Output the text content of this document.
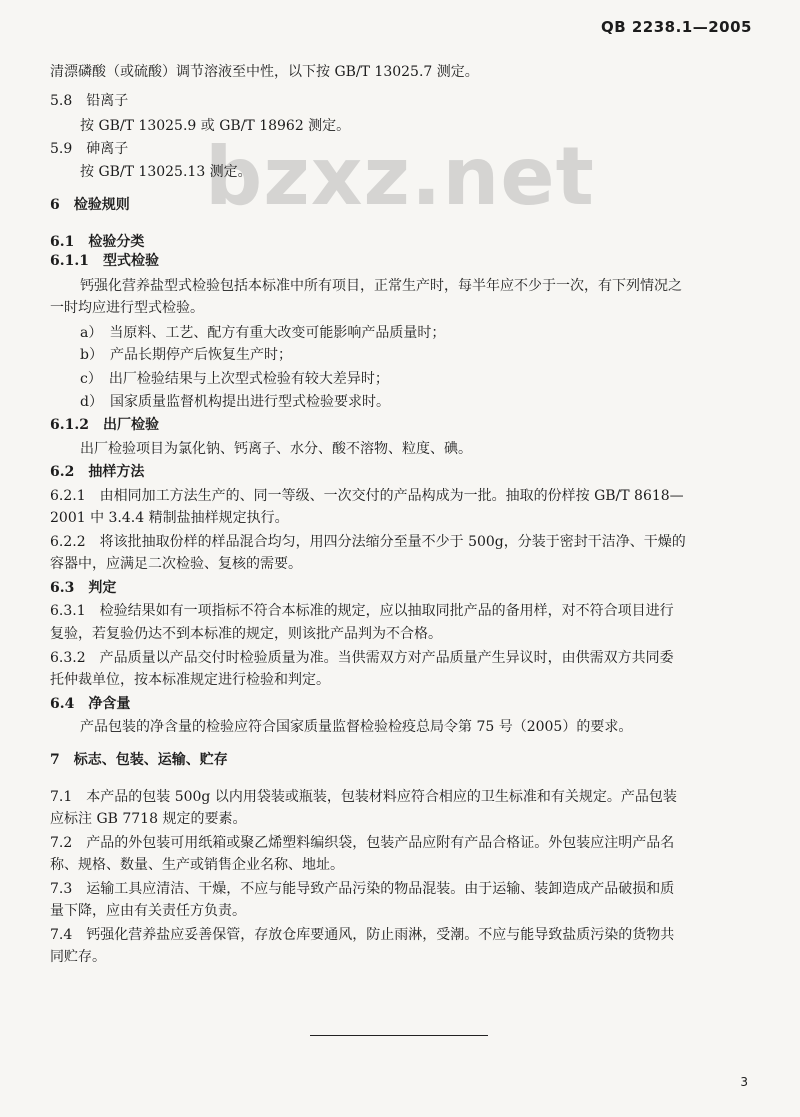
QB 2238.1—2005
bzxz.net
清漂磷酸（或硫酸）调节溶液至中性，以下按 GB/T 13025.7 测定。
5.8　铅离子
按 GB/T 13025.9 或 GB/T 18962 测定。
5.9　砷离子
按 GB/T 13025.13 测定。
6　检验规则
6.1　检验分类
6.1.1　型式检验
钙强化营养盐型式检验包括本标准中所有项目，正常生产时，每半年应不少于一次，有下列情况之
一时均应进行型式检验。
a）　当原料、工艺、配方有重大改变可能影响产品质量时；
b）　产品长期停产后恢复生产时；
c）　出厂检验结果与上次型式检验有较大差异时；
d）　国家质量监督机构提出进行型式检验要求时。
6.1.2　出厂检验
出厂检验项目为氯化钠、钙离子、水分、酸不溶物、粒度、碘。
6.2　抽样方法
6.2.1　由相同加工方法生产的、同一等级、一次交付的产品构成为一批。抽取的份样按 GB/T 8618—
2001 中 3.4.4 精制盐抽样规定执行。
6.2.2　将该批抽取份样的样品混合均匀，用四分法缩分至量不少于 500g，分装于密封干洁净、干燥的
容器中，应满足二次检验、复核的需要。
6.3　判定
6.3.1　检验结果如有一项指标不符合本标准的规定，应以抽取同批产品的备用样，对不符合项目进行
复验，若复验仍达不到本标准的规定，则该批产品判为不合格。
6.3.2　产品质量以产品交付时检验质量为准。当供需双方对产品质量产生异议时，由供需双方共同委
托仲裁单位，按本标准规定进行检验和判定。
6.4　净含量
产品包装的净含量的检验应符合国家质量监督检验检疫总局令第 75 号（2005）的要求。
7　标志、包装、运输、贮存
7.1　本产品的包装 500g 以内用袋装或瓶装，包装材料应符合相应的卫生标准和有关规定。产品包装
应标注 GB 7718 规定的要素。
7.2　产品的外包装可用纸箱或聚乙烯塑料编织袋，包装产品应附有产品合格证。外包装应注明产品名
称、规格、数量、生产或销售企业名称、地址。
7.3　运输工具应清洁、干燥，不应与能导致产品污染的物品混装。由于运输、装卸造成产品破损和质
量下降，应由有关责任方负责。
7.4　钙强化营养盐应妥善保管，存放仓库要通风，防止雨淋，受潮。不应与能导致盐质污染的货物共
同贮存。
3
